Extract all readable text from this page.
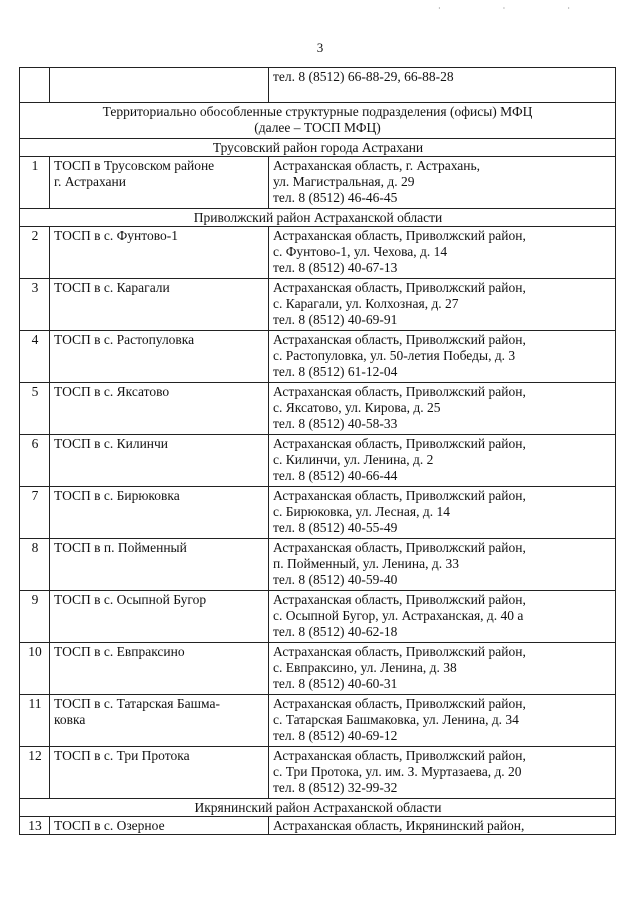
· · ·
3

		тел. 8 (8512) 66-88-29, 66-88-28

Территориально обособленные структурные подразделения (офисы) МФЦ
(далее – ТОСП МФЦ)		

Трусовский район города Астрахани		
1	ТОСП в Трусовском районе
г. Астрахани	Астраханская область, г. Астрахань,
ул. Магистральная, д. 29
тел. 8 (8512) 46-46-45

Приволжский район Астраханской области		
2	ТОСП в с. Фунтово-1	Астраханская область, Приволжский район,
с. Фунтово-1, ул. Чехова, д. 14
тел. 8 (8512) 40-67-13

3	ТОСП в с. Карагали	Астраханская область, Приволжский район,
с. Карагали, ул. Колхозная, д. 27
тел. 8 (8512) 40-69-91

4	ТОСП в с. Растопуловка	Астраханская область, Приволжский район,
с. Растопуловка, ул. 50-летия Победы, д. 3
тел. 8 (8512) 61-12-04

5	ТОСП в с. Яксатово	Астраханская область, Приволжский район,
с. Яксатово, ул. Кирова, д. 25
тел. 8 (8512) 40-58-33

6	ТОСП в с. Килинчи	Астраханская область, Приволжский район,
с. Килинчи, ул. Ленина, д. 2
тел. 8 (8512) 40-66-44

7	ТОСП в с. Бирюковка	Астраханская область, Приволжский район,
с. Бирюковка, ул. Лесная, д. 14
тел. 8 (8512) 40-55-49

8	ТОСП в п. Пойменный	Астраханская область, Приволжский район,
п. Пойменный, ул. Ленина, д. 33
тел. 8 (8512) 40-59-40

9	ТОСП в с. Осыпной Бугор	Астраханская область, Приволжский район,
с. Осыпной Бугор, ул. Астраханская, д. 40 а
тел. 8 (8512) 40-62-18

10	ТОСП в с. Евпраксино	Астраханская область, Приволжский район,
с. Евпраксино, ул. Ленина, д. 38
тел. 8 (8512) 40-60-31

11	ТОСП в с. Татарская Башма-
ковка	Астраханская область, Приволжский район,
с. Татарская Башмаковка, ул. Ленина, д. 34
тел. 8 (8512) 40-69-12

12	ТОСП в с. Три Протока	Астраханская область, Приволжский район,
с. Три Протока, ул. им. З. Муртазаева, д. 20
тел. 8 (8512) 32-99-32

Икрянинский район Астраханской области		
13	ТОСП в с. Озерное	Астраханская область, Икрянинский район,
